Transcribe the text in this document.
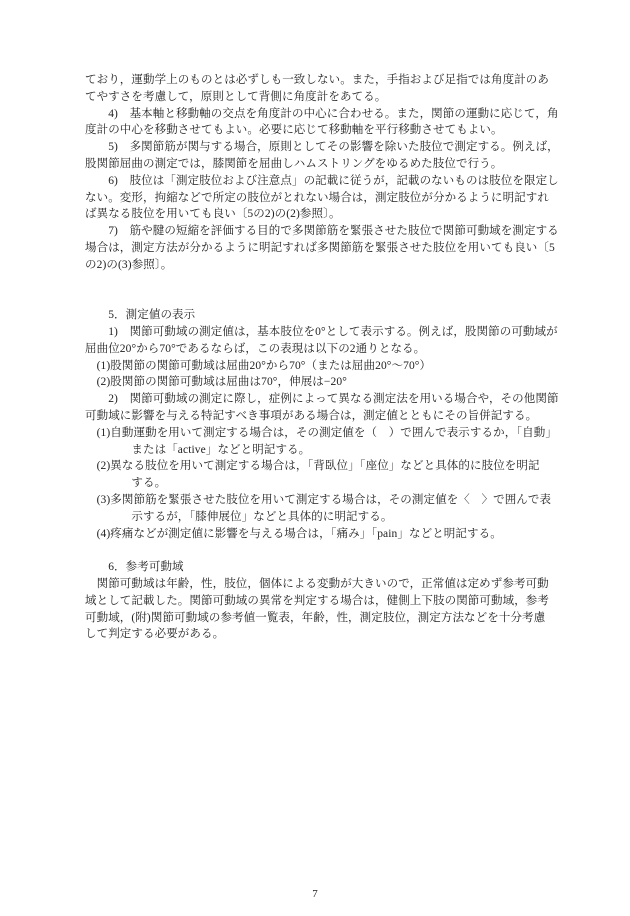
ており，運動学上のものとは必ずしも一致しない。また，手指および足指では角度計のあ
てやすさを考慮して，原則として背側に角度計をあてる。
　　4)　基本軸と移動軸の交点を角度計の中心に合わせる。また，関節の運動に応じて，角
度計の中心を移動させてもよい。必要に応じて移動軸を平行移動させてもよい。
　　5)　多関節筋が関与する場合，原則としてその影響を除いた肢位で測定する。例えば，
股関節屈曲の測定では，膝関節を屈曲しハムストリングをゆるめた肢位で行う。
　　6)　肢位は「測定肢位および注意点」の記載に従うが，記載のないものは肢位を限定し
ない。変形，拘縮などで所定の肢位がとれない場合は，測定肢位が分かるように明記すれ
ば異なる肢位を用いても良い〔5の2)の(2)参照〕。
　　7)　筋や腱の短縮を評価する目的で多関節筋を緊張させた肢位で関節可動域を測定する
場合は，測定方法が分かるように明記すれば多関節筋を緊張させた肢位を用いても良い〔5
の2)の(3)参照〕。
　　5．測定値の表示
　　1)　関節可動域の測定値は，基本肢位を0°として表示する。例えば，股関節の可動域が
屈曲位20°から70°であるならば，この表現は以下の2通りとなる。
　(1)股関節の関節可動域は屈曲20°から70°（または屈曲20°〜70°）
　(2)股関節の関節可動域は屈曲は70°，伸展は−20°
　　2)　関節可動域の測定に際し，症例によって異なる測定法を用いる場合や，その他関節
可動域に影響を与える特記すべき事項がある場合は，測定値とともにその旨併記する。
　(1)自動運動を用いて測定する場合は，その測定値を（　）で囲んで表示するか，「自動」
　　　　または「active」などと明記する。
　(2)異なる肢位を用いて測定する場合は，「背臥位」「座位」などと具体的に肢位を明記
　　　　する。
　(3)多関節筋を緊張させた肢位を用いて測定する場合は，その測定値を〈　〉で囲んで表
　　　　示するが，「膝伸展位」などと具体的に明記する。
　(4)疼痛などが測定値に影響を与える場合は，「痛み」「pain」などと明記する。
　　6．参考可動域
　関節可動域は年齢，性，肢位，個体による変動が大きいので，正常値は定めず参考可動
域として記載した。関節可動域の異常を判定する場合は，健側上下肢の関節可動域，参考
可動域，(附)関節可動域の参考値一覧表，年齢，性，測定肢位，測定方法などを十分考慮
して判定する必要がある。
7
